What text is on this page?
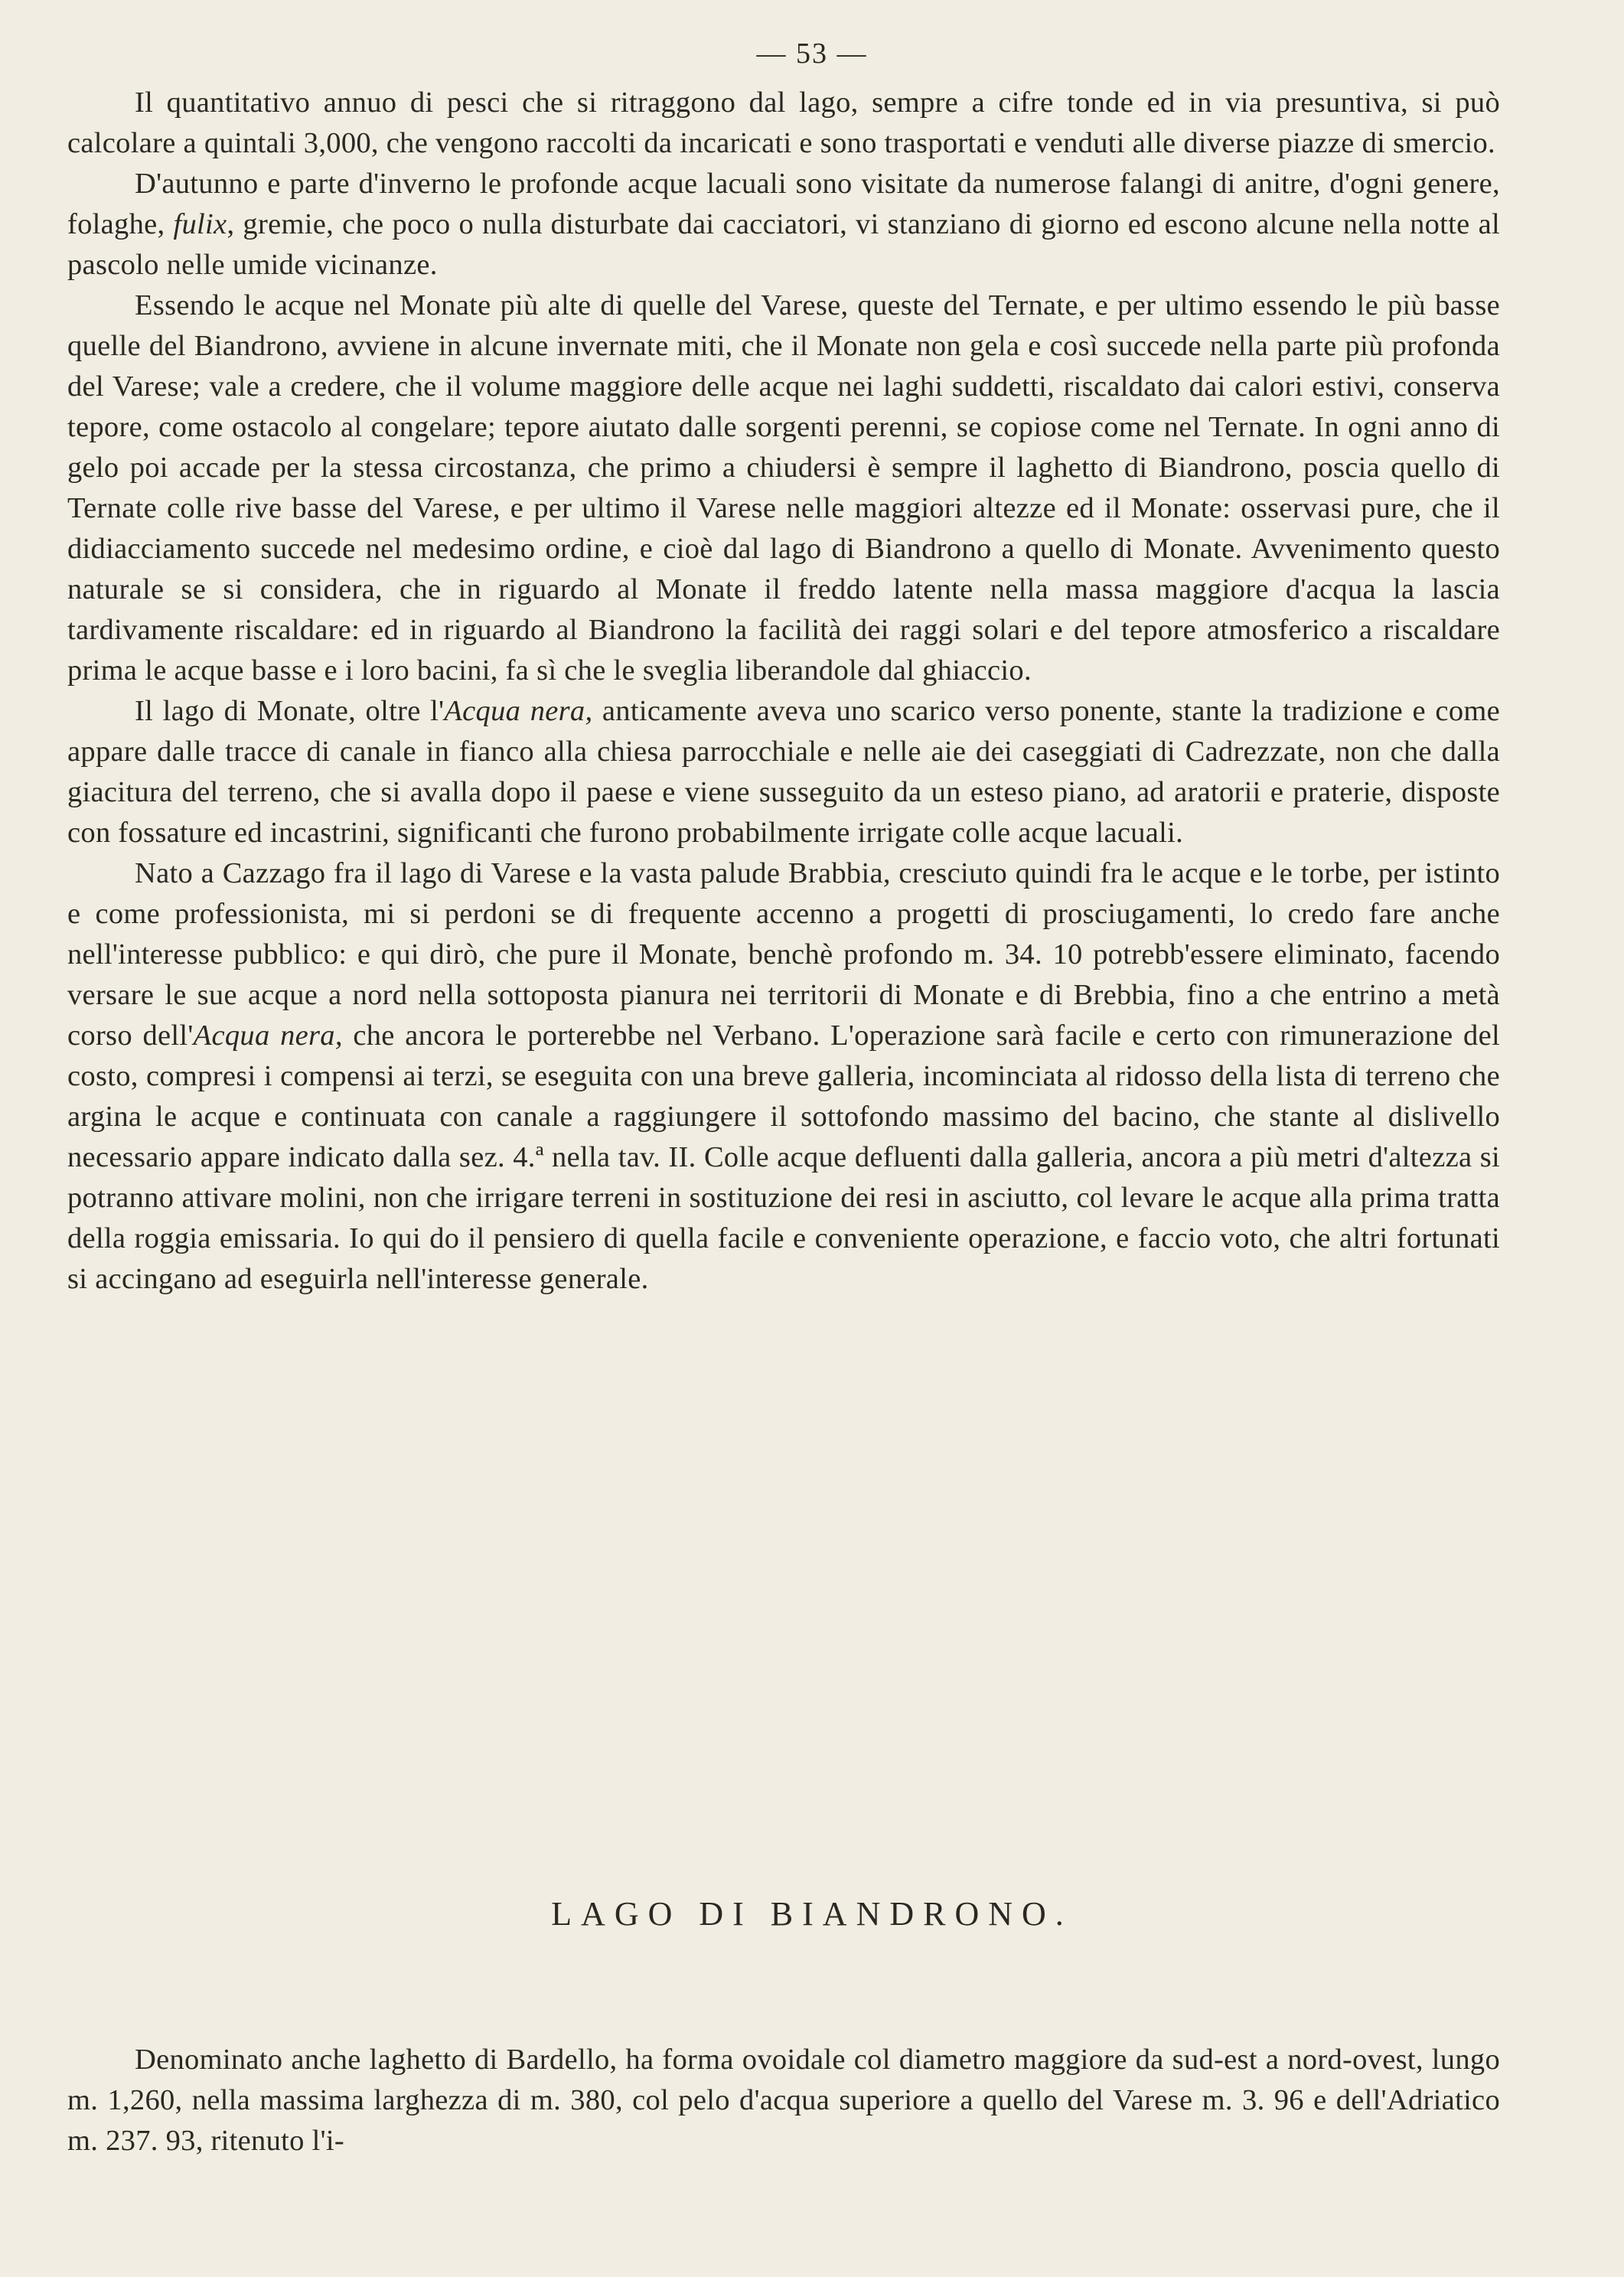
— 53 —

Il quantitativo annuo di pesci che si ritraggono dal lago, sempre a cifre tonde ed in via presuntiva, si può calcolare a quintali 3,000, che vengono raccolti da incaricati e sono trasportati e venduti alle diverse piazze di smercio.

D'autunno e parte d'inverno le profonde acque lacuali sono visitate da numerose falangi di anitre, d'ogni genere, folaghe, fulix, gremie, che poco o nulla disturbate dai cacciatori, vi stanziano di giorno ed escono alcune nella notte al pascolo nelle umide vicinanze.

Essendo le acque nel Monate più alte di quelle del Varese, queste del Ternate, e per ultimo essendo le più basse quelle del Biandrono, avviene in alcune invernate miti, che il Monate non gela e così succede nella parte più profonda del Varese; vale a credere, che il volume maggiore delle acque nei laghi suddetti, riscaldato dai calori estivi, conserva tepore, come ostacolo al congelare; tepore aiutato dalle sorgenti perenni, se copiose come nel Ternate. In ogni anno di gelo poi accade per la stessa circostanza, che primo a chiudersi è sempre il laghetto di Biandrono, poscia quello di Ternate colle rive basse del Varese, e per ultimo il Varese nelle maggiori altezze ed il Monate: osservasi pure, che il didiacciamento succede nel medesimo ordine, e cioè dal lago di Biandrono a quello di Monate. Avvenimento questo naturale se si considera, che in riguardo al Monate il freddo latente nella massa maggiore d'acqua la lascia tardivamente riscaldare: ed in riguardo al Biandrono la facilità dei raggi solari e del tepore atmosferico a riscaldare prima le acque basse e i loro bacini, fa sì che le sveglia liberandole dal ghiaccio.

Il lago di Monate, oltre l'Acqua nera, anticamente aveva uno scarico verso ponente, stante la tradizione e come appare dalle tracce di canale in fianco alla chiesa parrocchiale e nelle aie dei caseggiati di Cadrezzate, non che dalla giacitura del terreno, che si avalla dopo il paese e viene susseguito da un esteso piano, ad aratorii e praterie, disposte con fossature ed incastrini, significanti che furono probabilmente irrigate colle acque lacuali.

Nato a Cazzago fra il lago di Varese e la vasta palude Brabbia, cresciuto quindi fra le acque e le torbe, per istinto e come professionista, mi si perdoni se di frequente accenno a progetti di prosciugamenti, lo credo fare anche nell'interesse pubblico: e qui dirò, che pure il Monate, benchè profondo m. 34. 10 potrebb'essere eliminato, facendo versare le sue acque a nord nella sottoposta pianura nei territorii di Monate e di Brebbia, fino a che entrino a metà corso dell'Acqua nera, che ancora le porterebbe nel Verbano. L'operazione sarà facile e certo con rimunerazione del costo, compresi i compensi ai terzi, se eseguita con una breve galleria, incominciata al ridosso della lista di terreno che argina le acque e continuata con canale a raggiungere il sottofondo massimo del bacino, che stante al dislivello necessario appare indicato dalla sez. 4.ª nella tav. II. Colle acque defluenti dalla galleria, ancora a più metri d'altezza si potranno attivare molini, non che irrigare terreni in sostituzione dei resi in asciutto, col levare le acque alla prima tratta della roggia emissaria. Io qui do il pensiero di quella facile e conveniente operazione, e faccio voto, che altri fortunati si accingano ad eseguirla nell'interesse generale.

LAGO DI BIANDRONO.

Denominato anche laghetto di Bardello, ha forma ovoidale col diametro maggiore da sud-est a nord-ovest, lungo m. 1,260, nella massima larghezza di m. 380, col pelo d'acqua superiore a quello del Varese m. 3. 96 e dell'Adriatico m. 237. 93, ritenuto l'i-
